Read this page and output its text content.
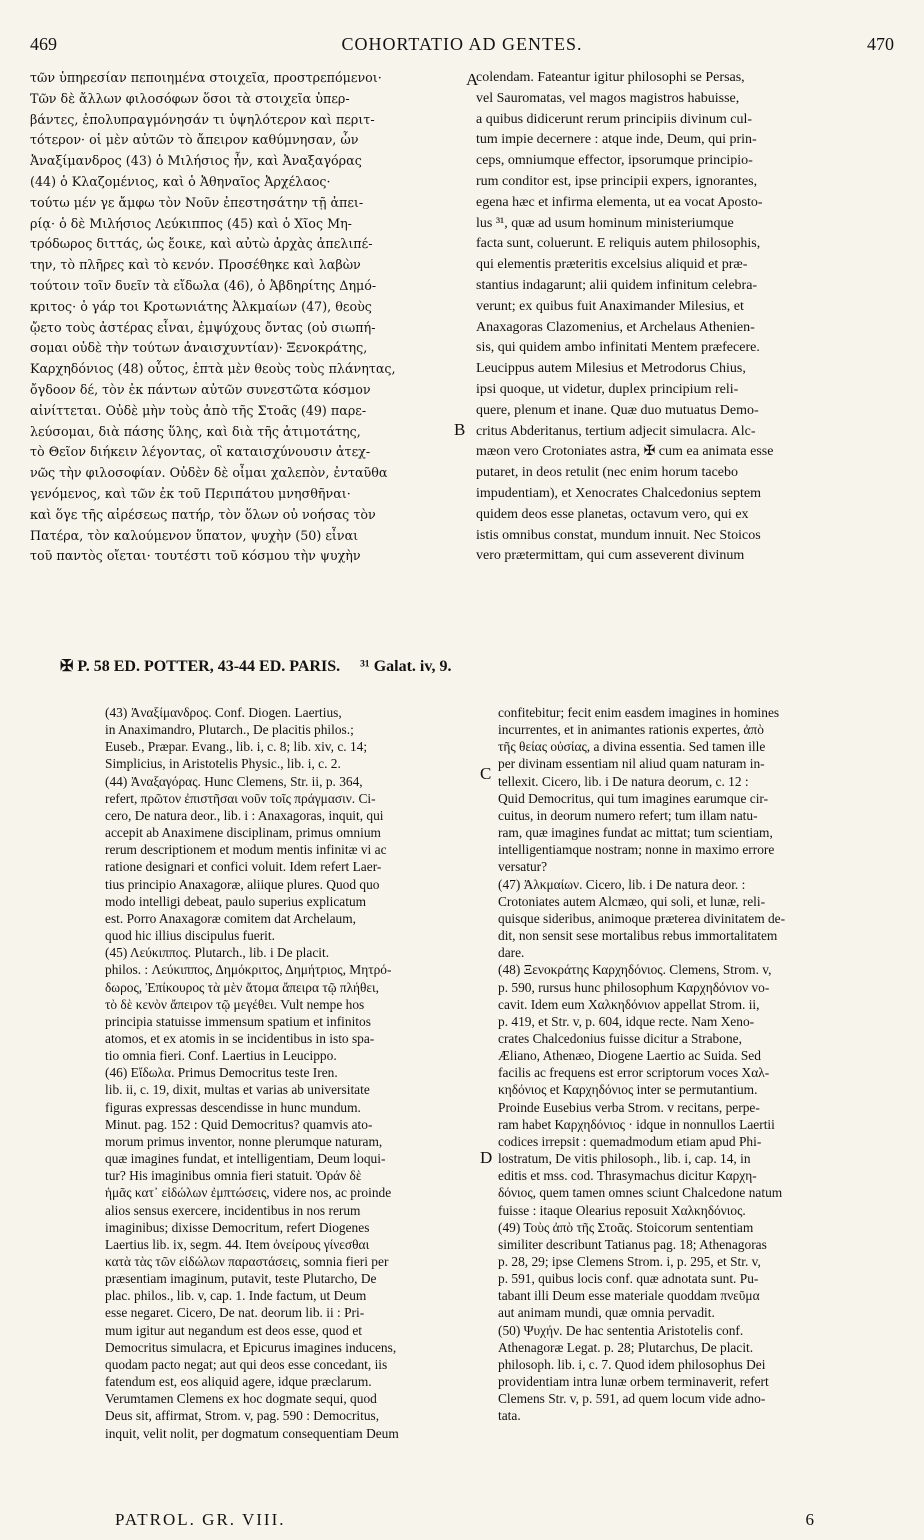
469	COHORTATIO AD GENTES.	470
τῶν ὑπηρεσίαν πεποιημένα στοιχεῖα, προστρεπόμενοι·
Τῶν δὲ ἄλλων φιλοσόφων ὅσοι τὰ στοιχεῖα ὑπερ-
βάντες, ἐπολυπραγμόνησάν τι ὑψηλότερον καὶ περιτ-
τότερον· οἱ μὲν αὐτῶν τὸ ἄπειρον καθύμνησαν, ὧν
Ἀναξίμανδρος (43) ὁ Μιλήσιος ἦν, καὶ Ἀναξαγόρας
(44) ὁ Κλαζομένιος, καὶ ὁ Ἀθηναῖος Ἀρχέλαος·
τούτω μέν γε ἄμφω τὸν Νοῦν ἐπεστησάτην τῇ ἀπει-
ρίᾳ· ὁ δὲ Μιλήσιος Λεύκιππος (45) καὶ ὁ Χῖος Μη-
τρόδωρος διττάς, ὡς ἔοικε, καὶ αὐτὼ ἀρχὰς ἀπελιπέ-
την, τὸ πλῆρες καὶ τὸ κενόν. Προσέθηκε καὶ λαβὼν
τούτοιν τοῖν δυεῖν τὰ εἴδωλα (46), ὁ Ἀβδηρίτης Δημό-
κριτος· ὁ γάρ τοι Κροτωνιάτης Ἀλκμαίων (47), θεοὺς
ᾤετο τοὺς ἀστέρας εἶναι, ἐμψύχους ὄντας (οὐ σιωπή-
σομαι οὐδὲ τὴν τούτων ἀναισχυντίαν)· Ξενοκράτης,
Καρχηδόνιος (48) οὗτος, ἑπτὰ μὲν θεοὺς τοὺς πλάνητας,
ὄγδοον δέ, τὸν ἐκ πάντων αὐτῶν συνεστῶτα κόσμον
αἰνίττεται. Οὐδὲ μὴν τοὺς ἀπὸ τῆς Στοᾶς (49) παρε-
λεύσομαι, διὰ πάσης ὕλης, καὶ διὰ τῆς ἀτιμοτάτης,
τὸ Θεῖον διήκειν λέγοντας, οἳ καταισχύνουσιν ἀτεχ-
νῶς τὴν φιλοσοφίαν. Οὐδὲν δὲ οἶμαι χαλεπὸν, ἐνταῦθα
γενόμενος, καὶ τῶν ἐκ τοῦ Περιπάτου μνησθῆναι·
καὶ ὅγε τῆς αἱρέσεως πατήρ, τὸν ὅλων οὐ νοήσας τὸν
Πατέρα, τὸν καλούμενον ὕπατον, ψυχὴν (50) εἶναι
τοῦ παντὸς οἴεται· τουτέστι τοῦ κόσμου τὴν ψυχὴν
colendam. Fateantur igitur philosophi se Persas,
vel Sauromatas, vel magos magistros habuisse,
a quibus didicerunt rerum principiis divinum cul-
tum impie decernere : atque inde, Deum, qui prin-
ceps, omniumque effector, ipsorumque principio-
rum conditor est, ipse principii expers, ignorantes,
egena hæc et infirma elementa, ut ea vocat Aposto-
lus ³¹, quæ ad usum hominum ministeriumque
facta sunt, coluerunt. E reliquis autem philosophis,
qui elementis præteritis excelsius aliquid et præ-
stantius indagarunt; alii quidem infinitum celebra-
verunt; ex quibus fuit Anaximander Milesius, et
Anaxagoras Clazomenius, et Archelaus Athenien-
sis, qui quidem ambo infinitati Mentem præfecere.
Leucippus autem Milesius et Metrodorus Chius,
ipsi quoque, ut videtur, duplex principium reli-
quere, plenum et inane. Quæ duo mutuatus Demo-
critus Abderitanus, tertium adjecit simulacra. Alc-
mæon vero Crotoniates astra, ✠ cum ea animata esse
putaret, in deos retulit (nec enim horum tacebo
impudentiam), et Xenocrates Chalcedonius septem
quidem deos esse planetas, octavum vero, qui ex
istis omnibus constat, mundum innuit. Nec Stoicos
vero prætermittam, qui cum asseverent divinum
A
B
C
D
✠ P. 58 ED. POTTER, 43-44 ED. PARIS. ³¹ Galat. iv, 9.
(43) Ἀναξίμανδρος. Conf. Diogen. Laertius,
in Anaximandro, Plutarch., De placitis philos.;
Euseb., Præpar. Evang., lib. i, c. 8; lib. xiv, c. 14;
Simplicius, in Aristotelis Physic., lib. i, c. 2.
(44) Ἀναξαγόρας. Hunc Clemens, Str. ii, p. 364,
refert, πρῶτον ἐπιστῆσαι νοῦν τοῖς πράγμασιν. Ci-
cero, De natura deor., lib. i : Anaxagoras, inquit, qui
accepit ab Anaximene disciplinam, primus omnium
rerum descriptionem et modum mentis infinitæ vi ac
ratione designari et confici voluit. Idem refert Laer-
tius principio Anaxagoræ, aliique plures. Quod quo
modo intelligi debeat, paulo superius explicatum
est. Porro Anaxagoræ comitem dat Archelaum,
quod hic illius discipulus fuerit.
(45) Λεύκιππος. Plutarch., lib. i De placit.
philos. : Λεύκιππος, Δημόκριτος, Δημήτριος, Μητρό-
δωρος, Ἐπίκουρος τὰ μὲν ἄτομα ἄπειρα τῷ πλήθει,
τὸ δὲ κενὸν ἄπειρον τῷ μεγέθει. Vult nempe hos
principia statuisse immensum spatium et infinitos
atomos, et ex atomis in se incidentibus in isto spa-
tio omnia fieri. Conf. Laertius in Leucippo.
(46) Εἴδωλα. Primus Democritus teste Iren.
lib. ii, c. 19, dixit, multas et varias ab universitate
figuras expressas descendisse in hunc mundum.
Minut. pag. 152 : Quid Democritus? quamvis ato-
morum primus inventor, nonne plerumque naturam,
quæ imagines fundat, et intelligentiam, Deum loqui-
tur? His imaginibus omnia fieri statuit. Ὀράν δὲ
ἡμᾶς κατ᾽ εἰδώλων ἐμπτώσεις, videre nos, ac proinde
alios sensus exercere, incidentibus in nos rerum
imaginibus; dixisse Democritum, refert Diogenes
Laertius lib. ix, segm. 44. Item ὀνείρους γίνεσθαι
κατὰ τὰς τῶν εἰδώλων παραστάσεις, somnia fieri per
præsentiam imaginum, putavit, teste Plutarcho, De
plac. philos., lib. v, cap. 1. Inde factum, ut Deum
esse negaret. Cicero, De nat. deorum lib. ii : Pri-
mum igitur aut negandum est deos esse, quod et
Democritus simulacra, et Epicurus imagines inducens,
quodam pacto negat; aut qui deos esse concedant, iis
fatendum est, eos aliquid agere, idque præclarum.
Verumtamen Clemens ex hoc dogmate sequi, quod
Deus sit, affirmat, Strom. v, pag. 590 : Democritus,
inquit, velit nolit, per dogmatum consequentiam Deum
confitebitur; fecit enim easdem imagines in homines
incurrentes, et in animantes rationis expertes, ἀπὸ
τῆς θείας οὐσίας, a divina essentia. Sed tamen ille
per divinam essentiam nil aliud quam naturam in-
tellexit. Cicero, lib. i De natura deorum, c. 12 :
Quid Democritus, qui tum imagines earumque cir-
cuitus, in deorum numero refert; tum illam natu-
ram, quæ imagines fundat ac mittat; tum scientiam,
intelligentiamque nostram; nonne in maximo errore
versatur?
(47) Ἀλκμαίων. Cicero, lib. i De natura deor. :
Crotoniates autem Alcmæo, qui soli, et lunæ, reli-
quisque sideribus, animoque præterea divinitatem de-
dit, non sensit sese mortalibus rebus immortalitatem
dare.
(48) Ξενοκράτης Καρχηδόνιος. Clemens, Strom. v,
p. 590, rursus hunc philosophum Καρχηδόνιον vo-
cavit. Idem eum Χαλκηδόνιον appellat Strom. ii,
p. 419, et Str. v, p. 604, idque recte. Nam Xeno-
crates Chalcedonius fuisse dicitur a Strabone,
Æliano, Athenæo, Diogene Laertio ac Suida. Sed
facilis ac frequens est error scriptorum voces Χαλ-
κηδόνιος et Καρχηδόνιος inter se permutantium.
Proinde Eusebius verba Strom. v recitans, perpe-
ram habet Καρχηδόνιος · idque in nonnullos Laertii
codices irrepsit : quemadmodum etiam apud Phi-
lostratum, De vitis philosoph., lib. i, cap. 14, in
editis et mss. cod. Thrasymachus dicitur Καρχη-
δόνιος, quem tamen omnes sciunt Chalcedone natum
fuisse : itaque Olearius reposuit Χαλκηδόνιος.
(49) Τοὺς ἀπὸ τῆς Στοᾶς. Stoicorum sententiam
similiter describunt Tatianus pag. 18; Athenagoras
p. 28, 29; ipse Clemens Strom. i, p. 295, et Str. v,
p. 591, quibus locis conf. quæ adnotata sunt. Pu-
tabant illi Deum esse materiale quoddam πνεῦμα
aut animam mundi, quæ omnia pervadit.
(50) Ψυχήν. De hac sententia Aristotelis conf.
Athenagoræ Legat. p. 28; Plutarchus, De placit.
philosoph. lib. i, c. 7. Quod idem philosophus Dei
providentiam intra lunæ orbem terminaverit, refert
Clemens Str. v, p. 591, ad quem locum vide adno-
tata.
PATROL. GR. VIII.	6
